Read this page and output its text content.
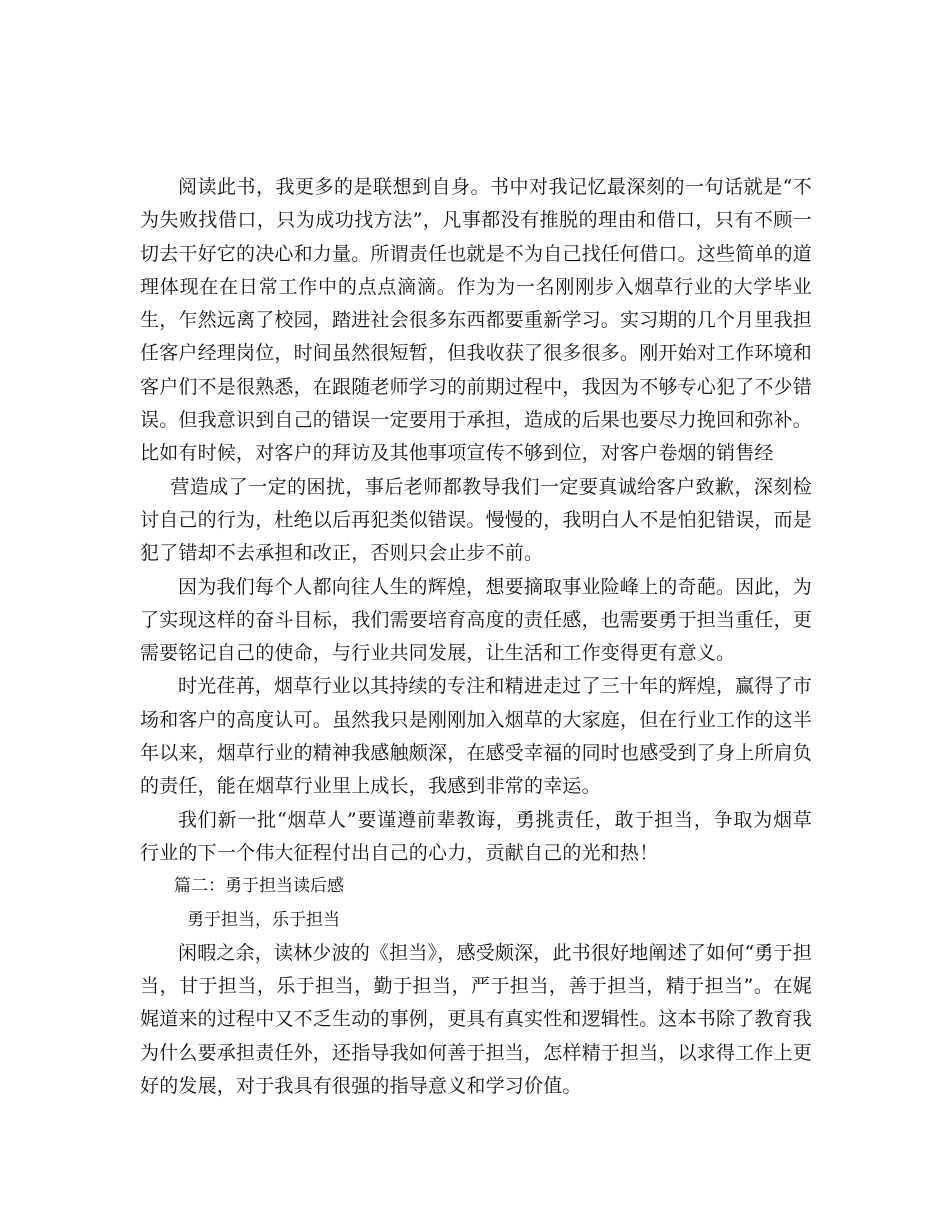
阅读此书，我更多的是联想到自身。书中对我记忆最深刻的一句话就是“不为失败找借口，只为成功找方法”，凡事都没有推脱的理由和借口，只有不顾一切去干好它的决心和力量。所谓责任也就是不为自己找任何借口。这些简单的道理体现在在日常工作中的点点滴滴。作为为一名刚刚步入烟草行业的大学毕业生，乍然远离了校园，踏进社会很多东西都要重新学习。实习期的几个月里我担任客户经理岗位，时间虽然很短暂，但我收获了很多很多。刚开始对工作环境和客户们不是很熟悉，在跟随老师学习的前期过程中，我因为不够专心犯了不少错误。但我意识到自己的错误一定要用于承担，造成的后果也要尽力挽回和弥补。比如有时候，对客户的拜访及其他事项宣传不够到位，对客户卷烟的销售经

营造成了一定的困扰，事后老师都教导我们一定要真诚给客户致歉，深刻检讨自己的行为，杜绝以后再犯类似错误。慢慢的，我明白人不是怕犯错误，而是犯了错却不去承担和改正，否则只会止步不前。

因为我们每个人都向往人生的辉煌，想要摘取事业险峰上的奇葩。因此，为了实现这样的奋斗目标，我们需要培育高度的责任感，也需要勇于担当重任，更需要铭记自己的使命，与行业共同发展，让生活和工作变得更有意义。

时光荏苒，烟草行业以其持续的专注和精进走过了三十年的辉煌，赢得了市场和客户的高度认可。虽然我只是刚刚加入烟草的大家庭，但在行业工作的这半年以来，烟草行业的精神我感触颇深，在感受幸福的同时也感受到了身上所肩负的责任，能在烟草行业里上成长，我感到非常的幸运。

我们新一批“烟草人”要谨遵前辈教诲，勇挑责任，敢于担当，争取为烟草行业的下一个伟大征程付出自己的心力，贡献自己的光和热！

篇二：勇于担当读后感

勇于担当，乐于担当

闲暇之余，读林少波的《担当》，感受颇深，此书很好地阐述了如何“勇于担当，甘于担当，乐于担当，勤于担当，严于担当，善于担当，精于担当”。在娓娓道来的过程中又不乏生动的事例，更具有真实性和逻辑性。这本书除了教育我为什么要承担责任外，还指导我如何善于担当，怎样精于担当，以求得工作上更好的发展，对于我具有很强的指导意义和学习价值。
